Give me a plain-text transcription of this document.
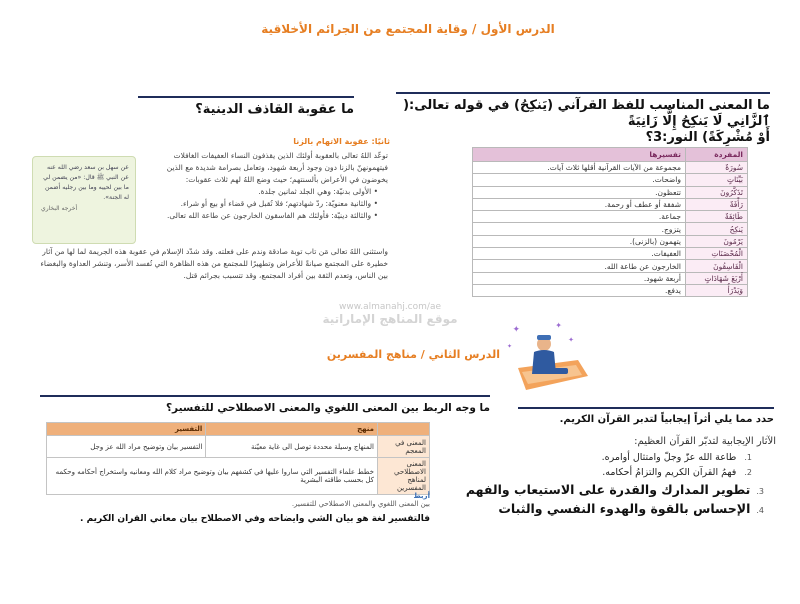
الدرس الأول / وقاية المجتمع من الجرائم الأخلاقية
ما المعنى المناسب للفظ القرآني (يَنكِحُ) في قوله تعالى:( ٱلزَّانِي لَا يَنكِحُ إِلَّا زَانِيَةً
أَوْ مُشْرِكَةً) النور:3؟
المفردة	تفسيرها
سُورَةٌ	مجموعة من الآيات القرآنية أقلها ثلاث آيات.
بَيِّنَاتٍ	واضحات.
تَذَكَّرُونَ	تتعظون.
رَأْفَةٌ	شفقة أو عطف أو رحمة.
طَائِفَةٌ	جماعة.
يَنكِحُ	يتزوج.
يَرْمُونَ	يتهمون (بالزنى).
الْمُحْصَنَاتِ	العفيفات.
الْفَاسِقُونَ	الخارجون عن طاعة الله.
أَرْبَعَ شَهَادَاتٍ	أربعة شهود.
وَيَدْرَأُ	يدفع.
✦	✦
✦
✦
ما عقوبة القاذف الدينية؟
ثانيًا: عقوبة الاتهام بالزنا
توعّد اللهُ تعالى بالعقوبة أولئك الذين يقذفون النساء العفيفات الغافلات فيتهمونهنّ بالزنا دون وجود أربعة شهود، وتعامل بصرامة شديدة مع الذين يخوضون في الأعراض بألسنتهم؛ حيث وضع اللهُ لهم ثلاث عقوبات:
• الأولى بدنيّة: وهي الجلد ثمانين جلدة.
• والثانية معنويّة: ردّ شهادتهم؛ فلا تُقبل في قضاء أو بيع أو شراء.
• والثالثة دينيّة: فأولئك هم الفاسقون الخارجون عن طاعة الله تعالى.
واستثنى اللهُ تعالى مَن تاب توبة صادقة وندم على فعلته. وقد شدّد الإسلام في عقوبة هذه الجريمة لما لها من آثار خطيرة على المجتمع صيانةً للأعراض وتطهيرًا للمجتمع من هذه الظاهرة التي تُفسد الأسر، وتنشر العداوة والبغضاء بين الناس، وتعدم الثقة بين أفراد المجتمع، وقد تتسبب بجرائم قتل.
www.almanahj.com/ae
موقع المناهج الإماراتية
عن سهل بن سعد رضي الله عنه عن النبي ﷺ قال: «من يضمن لي ما بين لحييه وما بين رجليه أضمن له الجنة».
أخرجه البخاري
الدرس الثاني / مناهج المفسرين
ما وجه الربط بين المعنى اللغوي والمعنى الاصطلاحي للتفسير؟
	منهج	التفسير
المعنى في المعجم	المنهاج وسيلة محددة توصل الى غاية معيّنة	التفسير بيان وتوضيح مراد الله عز وجل
المعنى الاصطلاحي لمناهج المفسرين	خطط علماء التفسير التي ساروا عليها في كشفهم بيان وتوضيح مراد كلام الله ومعانيه واستخراج أحكامه وحكمه كل بحسب طاقته البشرية	
أربط
بين المعنى اللغوي والمعنى الاصطلاحي للتفسير.
فالتفسير لغة هو بيان الشي وايضاحه وفي الاصطلاح بيان معاني القران الكريم .
حدد مما يلي أثراً إيجابياً لتدبر القرآن الكريم.
الآثار الإيجابية لتدبّر القرآن العظيم:
1.طاعة الله عزّ وجلّ وامتثال أوامره.
2.فهمُ القرآن الكريم والتزامُ أحكامه.
3.تطوير المدارك والقدرة على الاستيعاب والفهم
4.الإحساس بالقوة والهدوء النفسي والثبات
